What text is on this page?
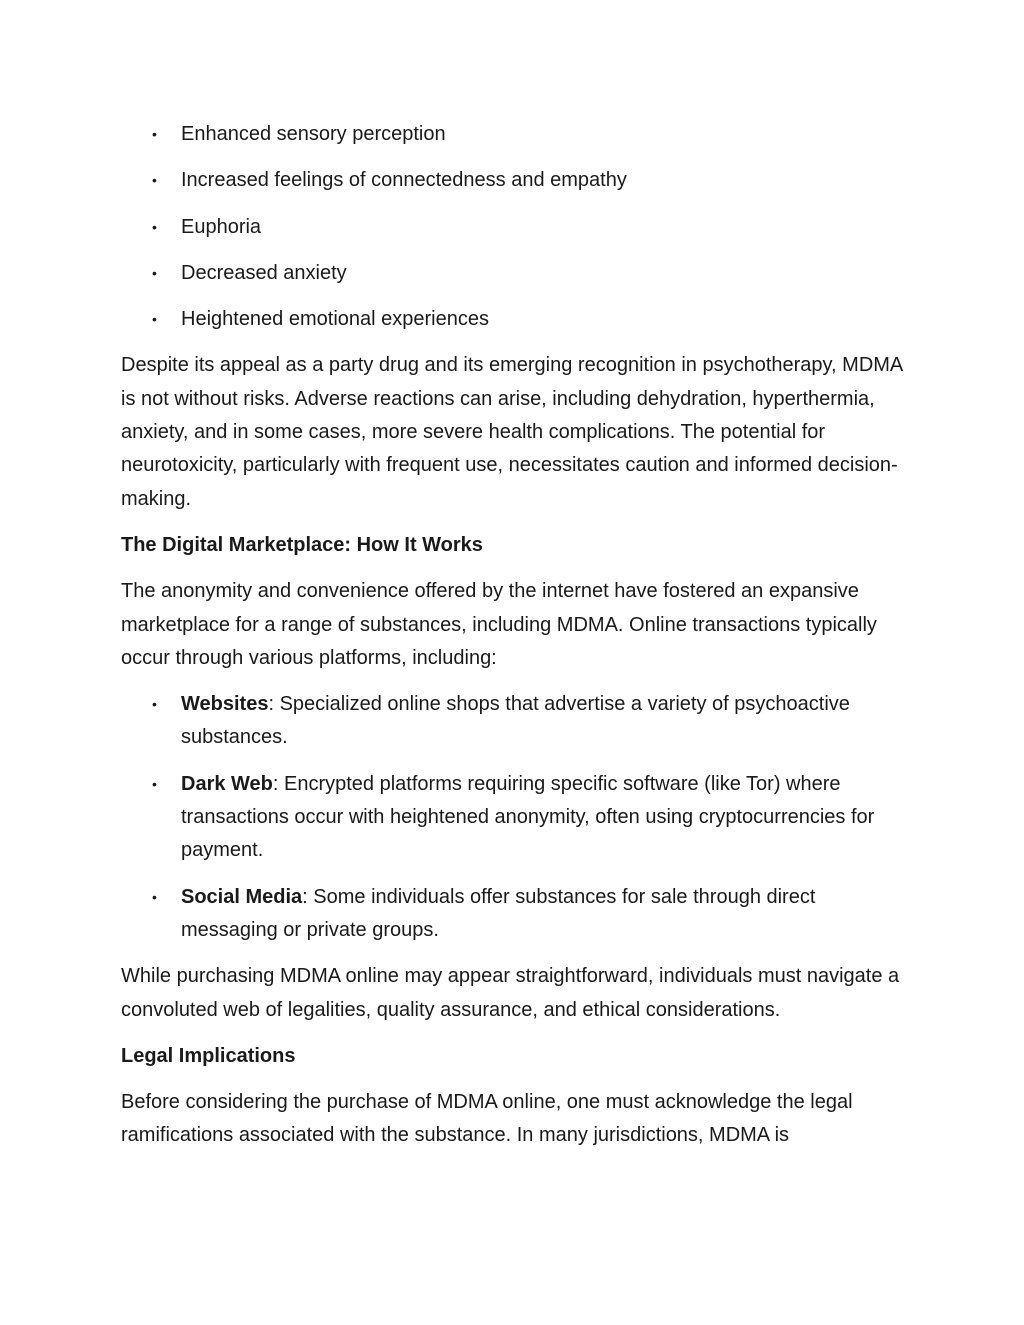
• Enhanced sensory perception
• Increased feelings of connectedness and empathy
• Euphoria
• Decreased anxiety
• Heightened emotional experiences

Despite its appeal as a party drug and its emerging recognition in psychotherapy, MDMA is not without risks. Adverse reactions can arise, including dehydration, hyperthermia, anxiety, and in some cases, more severe health complications. The potential for neurotoxicity, particularly with frequent use, necessitates caution and informed decision-making.

The Digital Marketplace: How It Works

The anonymity and convenience offered by the internet have fostered an expansive marketplace for a range of substances, including MDMA. Online transactions typically occur through various platforms, including:

• Websites: Specialized online shops that advertise a variety of psychoactive substances.
• Dark Web: Encrypted platforms requiring specific software (like Tor) where transactions occur with heightened anonymity, often using cryptocurrencies for payment.
• Social Media: Some individuals offer substances for sale through direct messaging or private groups.

While purchasing MDMA online may appear straightforward, individuals must navigate a convoluted web of legalities, quality assurance, and ethical considerations.

Legal Implications

Before considering the purchase of MDMA online, one must acknowledge the legal ramifications associated with the substance. In many jurisdictions, MDMA is
